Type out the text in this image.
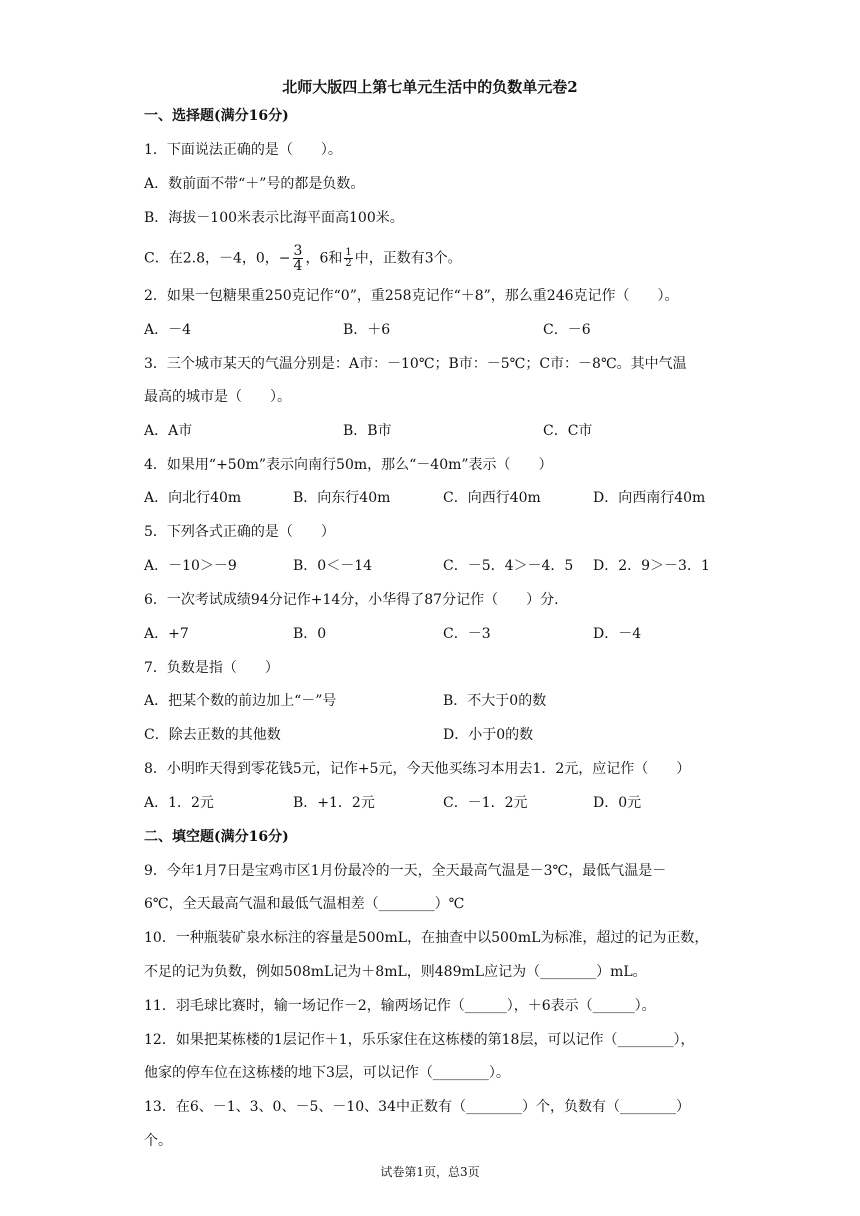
北师大版四上第七单元生活中的负数单元卷2
一、选择题(满分16分)
1．下面说法正确的是（　　）。
A．数前面不带“＋”号的都是负数。
B．海拔－100米表示比海平面高100米。
C．在2.8，－4，0，− $\frac{3}{4}$ ，6和 $\frac{1}{2}$ 中，正数有3个。
2．如果一包糖果重250克记作“0”，重258克记作“＋8”，那么重246克记作（　　）。
A．－4	B．＋6	C．－6
3．三个城市某天的气温分别是：A市：－10℃；B市：－5℃；C市：－8℃。其中气温
最高的城市是（　　）。
A．A市	B．B市	C．C市
4．如果用“+50m”表示向南行50m，那么“－40m”表示（　　）
A．向北行40m	B．向东行40m	C．向西行40m	D．向西南行40m
5．下列各式正确的是（　　）
A．－10＞－9	B．0＜－14	C．－5．4＞－4．5 D．2．9＞－3．1
6．一次考试成绩94分记作+14分，小华得了87分记作（　　）分.
A．+7	B．0	C．－3	D．－4
7．负数是指（　　）
A．把某个数的前边加上“－”号	B．不大于0的数
C．除去正数的其他数	D．小于0的数
8．小明昨天得到零花钱5元，记作+5元，今天他买练习本用去1．2元，应记作（　　）
A．1．2元	B．+1．2元	C．－1．2元	D．0元
二、填空题(满分16分)
9．今年1月7日是宝鸡市区1月份最冷的一天，全天最高气温是－3℃，最低气温是－
6℃，全天最高气温和最低气温相差（________）℃
10．一种瓶装矿泉水标注的容量是500mL，在抽查中以500mL为标准，超过的记为正数，
不足的记为负数，例如508mL记为＋8mL，则489mL应记为（________）mL。
11．羽毛球比赛时，输一场记作－2，输两场记作（______），＋6表示（______）。
12．如果把某栋楼的1层记作＋1，乐乐家住在这栋楼的第18层，可以记作（________），
他家的停车位在这栋楼的地下3层，可以记作（________）。
13．在6、－1、3、0、－5、－10、34中正数有（________）个，负数有（________）
个。
试卷第1页，总3页
